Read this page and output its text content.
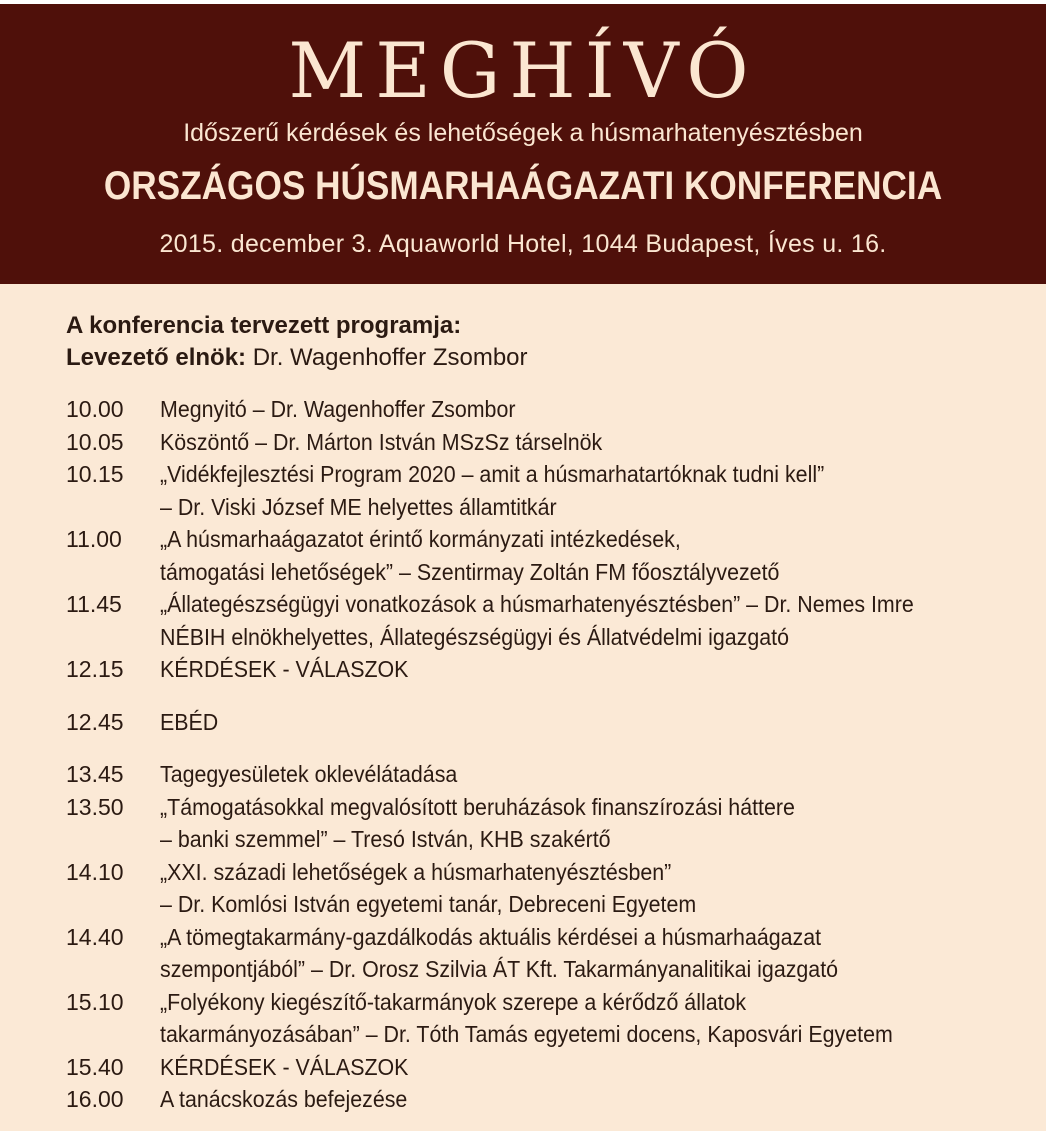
MEGHÍVÓ
Időszerű kérdések és lehetőségek a húsmarhatenyésztésben
ORSZÁGOS HÚSMARHAÁGAZATI KONFERENCIA
2015. december 3. Aquaworld Hotel, 1044 Budapest, Íves u. 16.
A konferencia tervezett programja:
Levezető elnök: Dr. Wagenhoffer Zsombor
10.00	Megnyitó – Dr. Wagenhoffer Zsombor
10.05	Köszöntő – Dr. Márton István MSzSz társelnök
10.15	„Vidékfejlesztési Program 2020 – amit a húsmarhatartóknak tudni kell”
– Dr. Viski József ME helyettes államtitkár
11.00	„A húsmarhaágazatot érintő kormányzati intézkedések,
támogatási lehetőségek” – Szentirmay Zoltán FM főosztályvezető
11.45	„Állategészségügyi vonatkozások a húsmarhatenyésztésben” – Dr. Nemes Imre
NÉBIH elnökhelyettes, Állategészségügyi és Állatvédelmi igazgató
12.15	KÉRDÉSEK - VÁLASZOK
12.45	EBÉD
13.45	Tagegyesületek oklevélátadása
13.50	„Támogatásokkal megvalósított beruházások finanszírozási háttere
– banki szemmel” – Tresó István, KHB szakértő
14.10	„XXI. századi lehetőségek a húsmarhatenyésztésben”
– Dr. Komlósi István egyetemi tanár, Debreceni Egyetem
14.40	„A tömegtakarmány-gazdálkodás aktuális kérdései a húsmarhaágazat
szempontjából” – Dr. Orosz Szilvia ÁT Kft. Takarmányanalitikai igazgató
15.10	„Folyékony kiegészítő-takarmányok szerepe a kérődző állatok
takarmányozásában” – Dr. Tóth Tamás egyetemi docens, Kaposvári Egyetem
15.40	KÉRDÉSEK - VÁLASZOK
16.00	A tanácskozás befejezése
